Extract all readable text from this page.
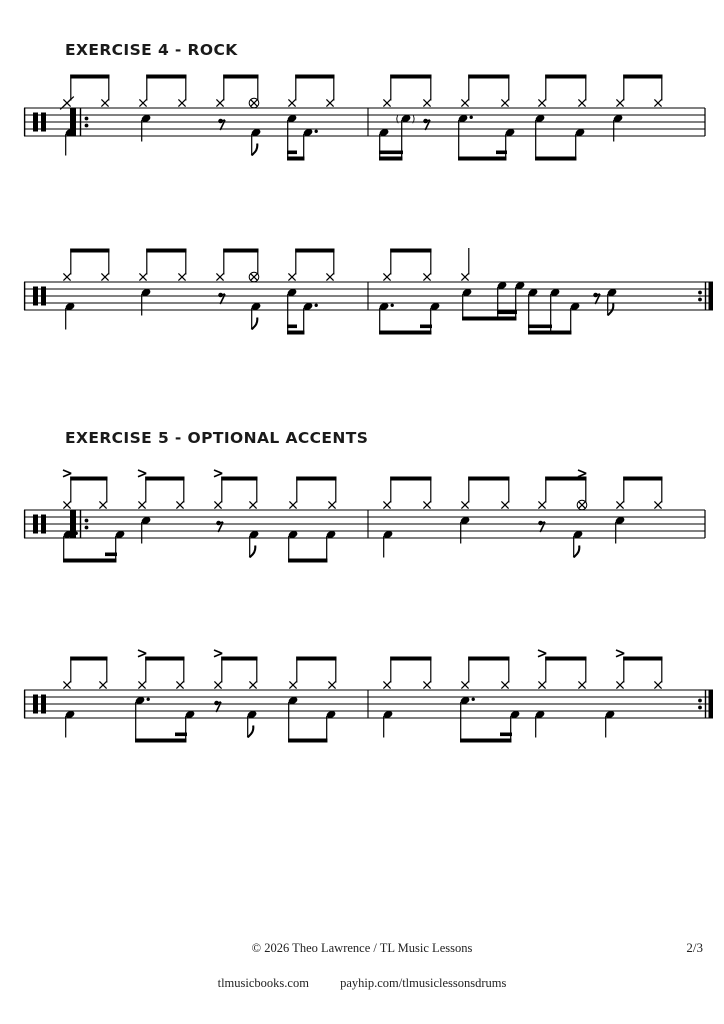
EXERCISE 4 - ROCK
EXERCISE 5 - OPTIONAL ACCENTS
( )
© 2026 Theo Lawrence / TL Music Lessons	2/3
tlmusicbooks.com payhip.com/tlmusiclessonsdrums
